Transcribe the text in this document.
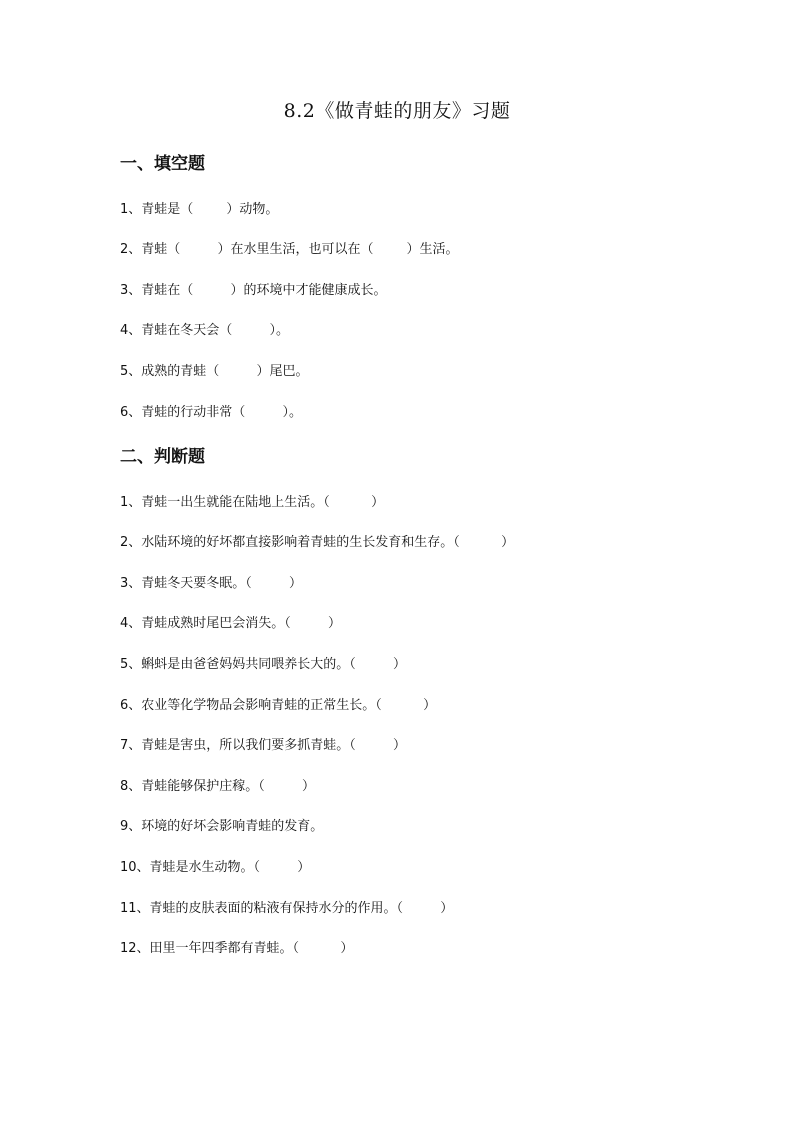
8.2《做青蛙的朋友》习题
一、填空题
1、青蛙是（        ）动物。
2、青蛙（         ）在水里生活，也可以在（        ）生活。
3、青蛙在（         ）的环境中才能健康成长。
4、青蛙在冬天会（         ）。
5、成熟的青蛙（         ）尾巴。
6、青蛙的行动非常（         ）。
二、判断题
1、青蛙一出生就能在陆地上生活。（          ）
2、水陆环境的好坏都直接影响着青蛙的生长发育和生存。（          ）
3、青蛙冬天要冬眠。（         ）
4、青蛙成熟时尾巴会消失。（         ）
5、蝌蚪是由爸爸妈妈共同喂养长大的。（         ）
6、农业等化学物品会影响青蛙的正常生长。（          ）
7、青蛙是害虫，所以我们要多抓青蛙。（         ）
8、青蛙能够保护庄稼。（         ）
9、环境的好坏会影响青蛙的发育。
10、青蛙是水生动物。（         ）
11、青蛙的皮肤表面的粘液有保持水分的作用。（         ）
12、田里一年四季都有青蛙。（          ）
